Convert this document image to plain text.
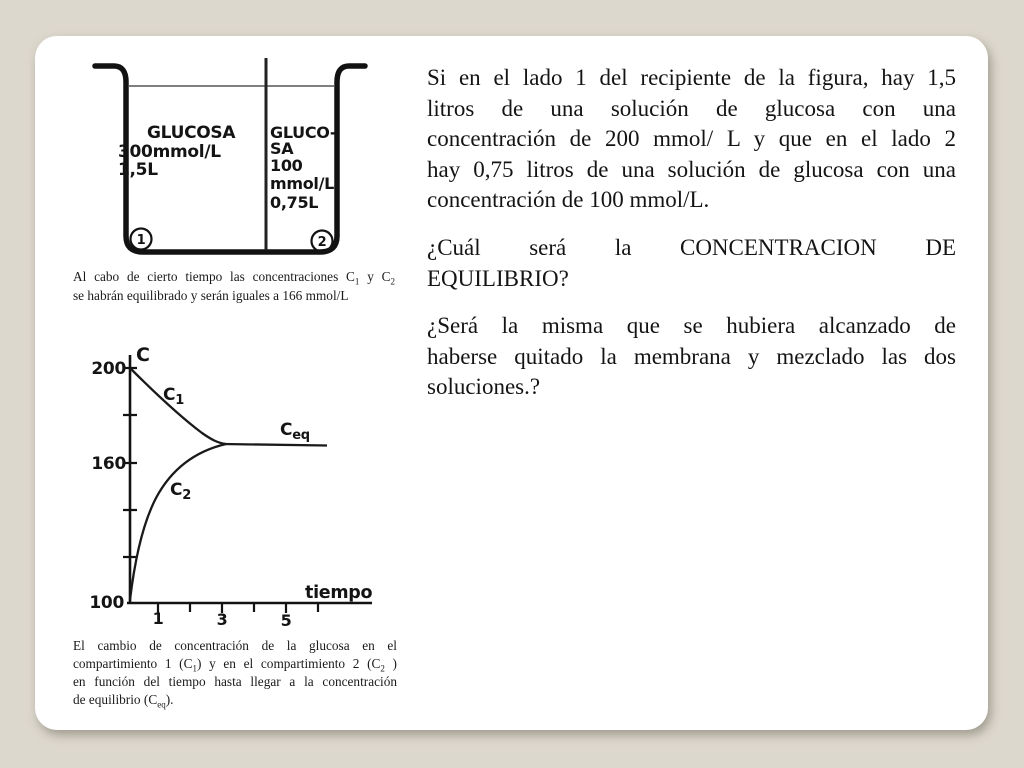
GLUCOSA
300mmol/L
1,5L
GLUCO-
SA
100
mmol/L
0,75L
1	2
Al cabo de cierto tiempo las concentraciones $C_1$ y $C_2$
se habrán equilibrado y serán iguales a 166 mmol/L
C
tiempo
200
160
100
1	3	5
$C_1$
$C_2$
$C_{eq}$
El cambio de concentración de la glucosa en el
compartimiento 1 $(C_1)$ y en el compartimiento 2 ($C_2$ )
en función del tiempo hasta llegar a la concentración
de equilibrio $(C_{eq})$.
Si en el lado 1 del recipiente de la figura, hay 1,5
litros de una solución de glucosa con una
concentración de 200 mmol/ L y que en el lado 2
hay 0,75 litros de una solución de glucosa con una
concentración de 100 mmol/L.
¿Cuál será la CONCENTRACION DE
EQUILIBRIO?
¿Será la misma que se hubiera alcanzado de
haberse quitado la membrana y mezclado las dos
soluciones.?
